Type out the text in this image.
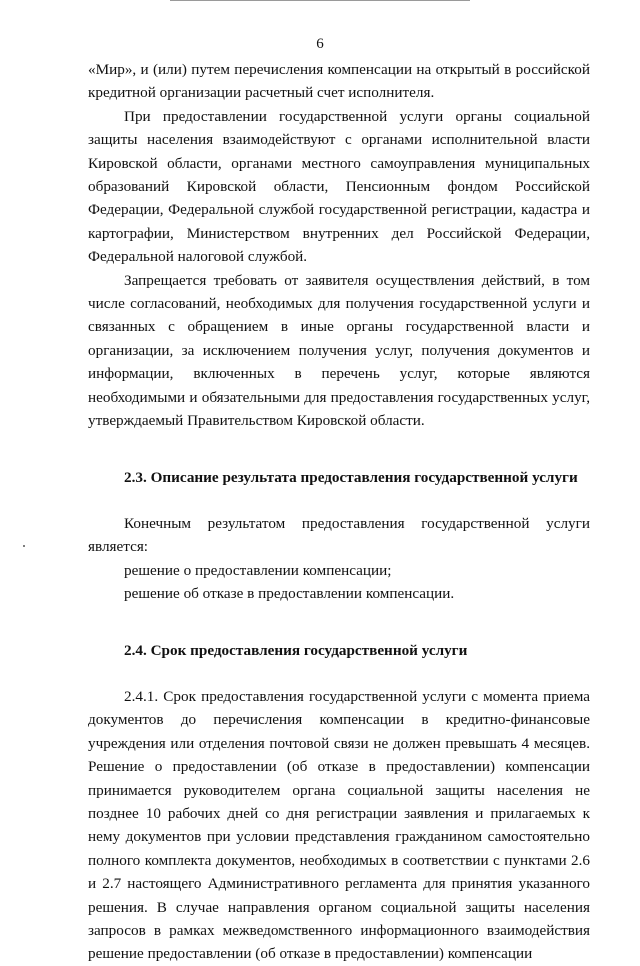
6

«Мир», и (или) путем перечисления компенсации на открытый в российской кредитной организации расчетный счет исполнителя.

При предоставлении государственной услуги органы социальной защиты населения взаимодействуют с органами исполнительной власти Кировской области, органами местного самоуправления муниципальных образований Кировской области, Пенсионным фондом Российской Федерации, Федеральной службой государственной регистрации, кадастра и картографии, Министерством внутренних дел Российской Федерации, Федеральной налоговой службой.

Запрещается требовать от заявителя осуществления действий, в том числе согласований, необходимых для получения государственной услуги и связанных с обращением в иные органы государственной власти и организации, за исключением получения услуг, получения документов и информации, включенных в перечень услуг, которые являются необходимыми и обязательными для предоставления государственных услуг, утверждаемый Правительством Кировской области.

2.3. Описание результата предоставления государственной услуги

Конечным результатом предоставления государственной услуги является:

решение о предоставлении компенсации;

решение об отказе в предоставлении компенсации.

2.4. Срок предоставления государственной услуги

2.4.1. Срок предоставления государственной услуги с момента приема документов до перечисления компенсации в кредитно-финансовые учреждения или отделения почтовой связи не должен превышать 4 месяцев. Решение о предоставлении (об отказе в предоставлении) компенсации принимается руководителем органа социальной защиты населения не позднее 10 рабочих дней со дня регистрации заявления и прилагаемых к нему документов при условии представления гражданином самостоятельно полного комплекта документов, необходимых в соответствии с пунктами 2.6 и 2.7 настоящего Административного регламента для принятия указанного решения. В случае направления органом социальной защиты населения запросов в рамках межведомственного информационного взаимодействия решение предоставлении (об отказе в предоставлении) компенсации
